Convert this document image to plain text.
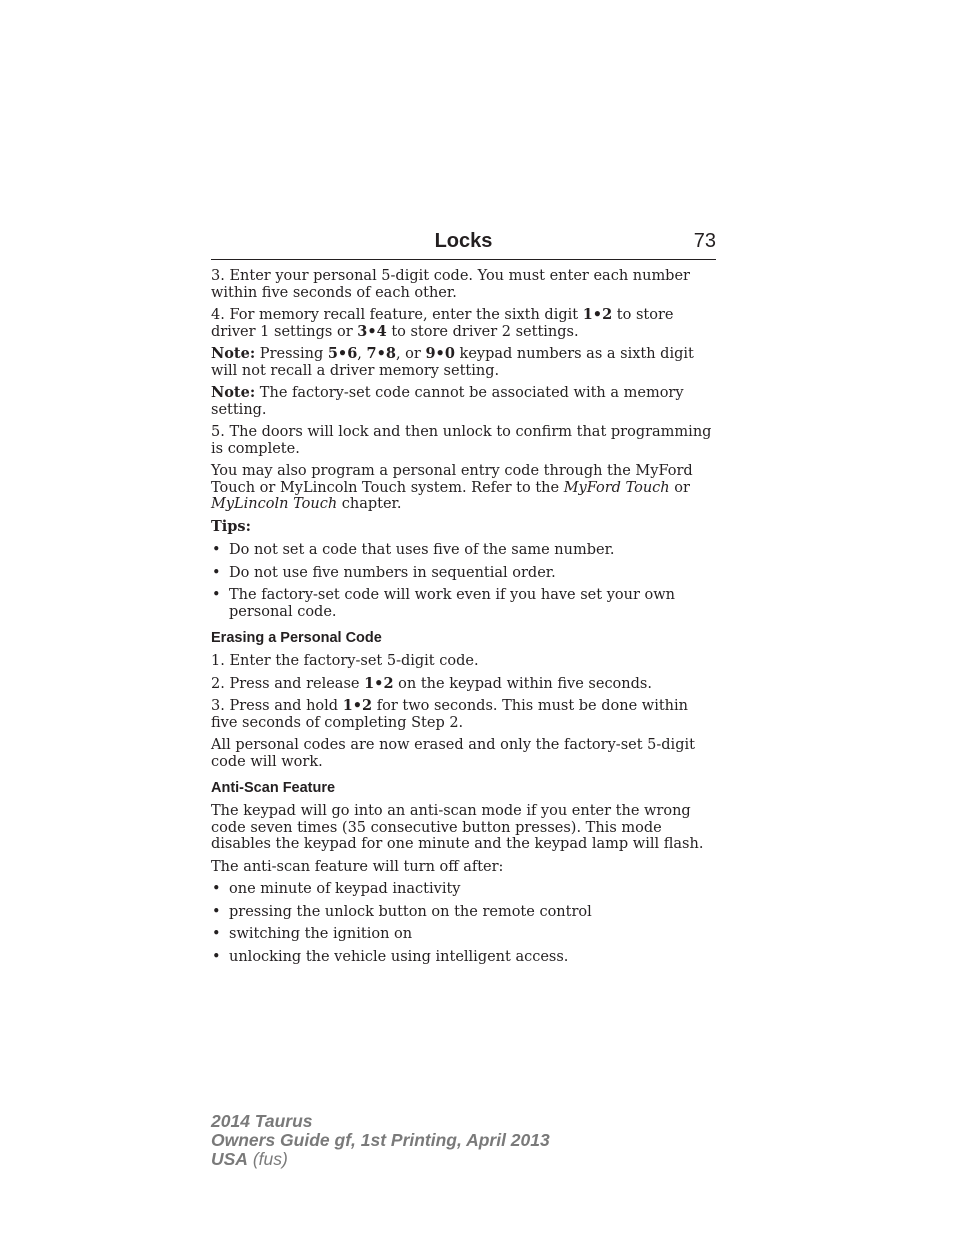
Locks	73

3. Enter your personal 5-digit code. You must enter each number within five seconds of each other.

4. For memory recall feature, enter the sixth digit 1•2 to store driver 1 settings or 3•4 to store driver 2 settings.

Note: Pressing 5•6, 7•8, or 9•0 keypad numbers as a sixth digit will not recall a driver memory setting.

Note: The factory-set code cannot be associated with a memory setting.

5. The doors will lock and then unlock to confirm that programming is complete.

You may also program a personal entry code through the MyFord Touch or MyLincoln Touch system. Refer to the MyFord Touch or MyLincoln Touch chapter.

Tips:

• Do not set a code that uses five of the same number.
• Do not use five numbers in sequential order.
• The factory-set code will work even if you have set your own personal code.
Erasing a Personal Code

1. Enter the factory-set 5-digit code.

2. Press and release 1•2 on the keypad within five seconds.

3. Press and hold 1•2 for two seconds. This must be done within five seconds of completing Step 2.

All personal codes are now erased and only the factory-set 5-digit code will work.

Anti-Scan Feature

The keypad will go into an anti-scan mode if you enter the wrong code seven times (35 consecutive button presses). This mode disables the keypad for one minute and the keypad lamp will flash.

The anti-scan feature will turn off after:

• one minute of keypad inactivity
• pressing the unlock button on the remote control
• switching the ignition on
• unlocking the vehicle using intelligent access.
2014 Taurus
Owners Guide gf, 1st Printing, April 2013
USA (fus)
